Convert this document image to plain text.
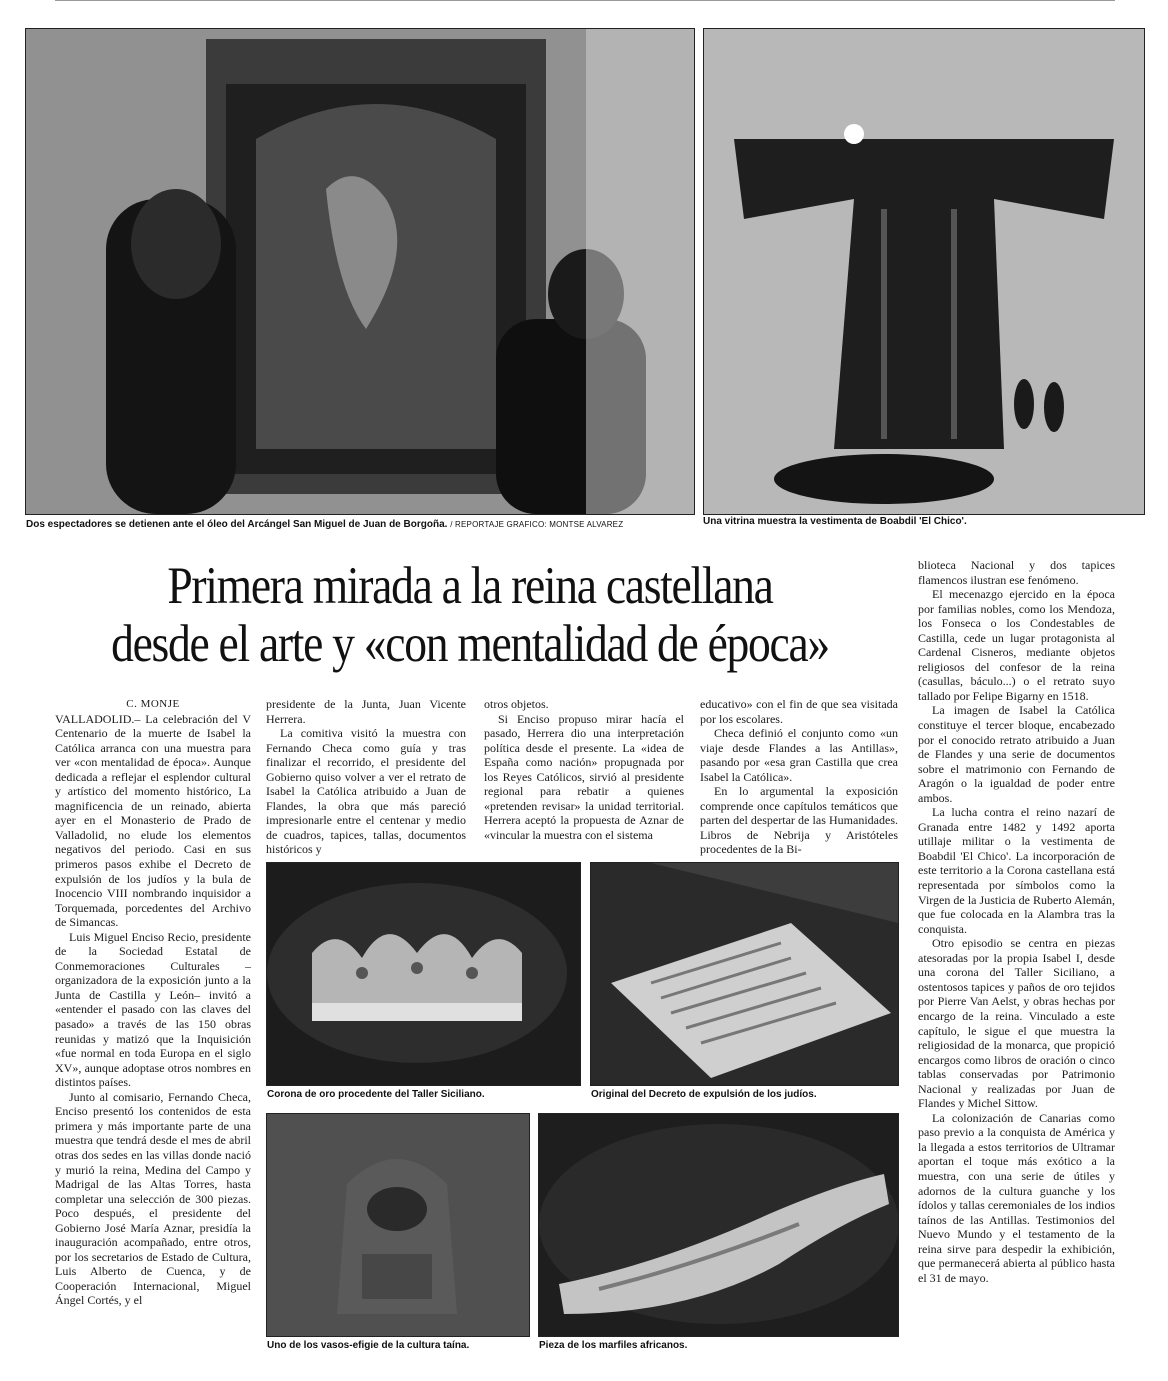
Dos espectadores se detienen ante el óleo del Arcángel San Miguel de Juan de Borgoña. / REPORTAJE GRAFICO: MONTSE ALVAREZ	Una vitrina muestra la vestimenta de Boabdil 'El Chico'.
Primera mirada a la reina castellana
desde el arte y «con mentalidad de época»

C. MONJE

VALLADOLID.– La celebración del V Centenario de la muerte de Isabel la Católica arranca con una muestra para ver «con mentalidad de época». Aunque dedicada a reflejar el esplendor cultural y artístico del momento histórico, La magnificencia de un reinado, abierta ayer en el Monasterio de Prado de Valladolid, no elude los elementos negativos del periodo. Casi en sus primeros pasos exhibe el Decreto de expulsión de los judíos y la bula de Inocencio VIII nombrando inquisidor a Torquemada, porcedentes del Archivo de Simancas.

Luis Miguel Enciso Recio, presidente de la Sociedad Estatal de Conmemoraciones Culturales –organizadora de la exposición junto a la Junta de Castilla y León– invitó a «entender el pasado con las claves del pasado» a través de las 150 obras reunidas y matizó que la Inquisición «fue normal en toda Europa en el siglo XV», aunque adoptase otros nombres en distintos países.

Junto al comisario, Fernando Checa, Enciso presentó los contenidos de esta primera y más importante parte de una muestra que tendrá desde el mes de abril otras dos sedes en las villas donde nació y murió la reina, Medina del Campo y Madrigal de las Altas Torres, hasta completar una selección de 300 piezas. Poco después, el presidente del Gobierno José María Aznar, presidía la inauguración acompañado, entre otros, por los secretarios de Estado de Cultura, Luis Alberto de Cuenca, y de Cooperación Internacional, Miguel Ángel Cortés, y el

presidente de la Junta, Juan Vicente Herrera.

La comitiva visitó la muestra con Fernando Checa como guía y tras finalizar el recorrido, el presidente del Gobierno quiso volver a ver el retrato de Isabel la Católica atribuido a Juan de Flandes, la obra que más pareció impresionarle entre el centenar y medio de cuadros, tapices, tallas, documentos históricos y

otros objetos.

Si Enciso propuso mirar hacía el pasado, Herrera dio una interpretación política desde el presente. La «idea de España como nación» propugnada por los Reyes Católicos, sirvió al presidente regional para rebatir a quienes «pretenden revisar» la unidad territorial. Herrera aceptó la propuesta de Aznar de «vincular la muestra con el sistema

educativo» con el fin de que sea visitada por los escolares.

Checa definió el conjunto como «un viaje desde Flandes a las Antillas», pasando por «esa gran Castilla que crea Isabel la Católica».

En lo argumental la exposición comprende once capítulos temáticos que parten del despertar de las Humanidades. Libros de Nebrija y Aristóteles procedentes de la Bi-

blioteca Nacional y dos tapices flamencos ilustran ese fenómeno.

El mecenazgo ejercido en la época por familias nobles, como los Mendoza, los Fonseca o los Condestables de Castilla, cede un lugar protagonista al Cardenal Cisneros, mediante objetos religiosos del confesor de la reina (casullas, báculo...) o el retrato suyo tallado por Felipe Bigarny en 1518.

La imagen de Isabel la Católica constituye el tercer bloque, encabezado por el conocido retrato atribuido a Juan de Flandes y una serie de documentos sobre el matrimonio con Fernando de Aragón o la igualdad de poder entre ambos.

La lucha contra el reino nazarí de Granada entre 1482 y 1492 aporta utillaje militar o la vestimenta de Boabdil 'El Chico'. La incorporación de este territorio a la Corona castellana está representada por símbolos como la Virgen de la Justicia de Ruberto Alemán, que fue colocada en la Alambra tras la conquista.

Otro episodio se centra en piezas atesoradas por la propia Isabel I, desde una corona del Taller Siciliano, a ostentosos tapices y paños de oro tejidos por Pierre Van Aelst, y obras hechas por encargo de la reina. Vinculado a este capítulo, le sigue el que muestra la religiosidad de la monarca, que propició encargos como libros de oración o cinco tablas conservadas por Patrimonio Nacional y realizadas por Juan de Flandes y Michel Sittow.

La colonización de Canarias como paso previo a la conquista de América y la llegada a estos territorios de Ultramar aportan el toque más exótico a la muestra, con una serie de útiles y adornos de la cultura guanche y los ídolos y tallas ceremoniales de los indios taínos de las Antillas. Testimonios del Nuevo Mundo y el testamento de la reina sirve para despedir la exhibición, que permanecerá abierta al público hasta el 31 de mayo.

Corona de oro procedente del Taller Siciliano.	Original del Decreto de expulsión de los judíos.
Uno de los vasos-efigie de la cultura taína.	Pieza de los marfiles africanos.
